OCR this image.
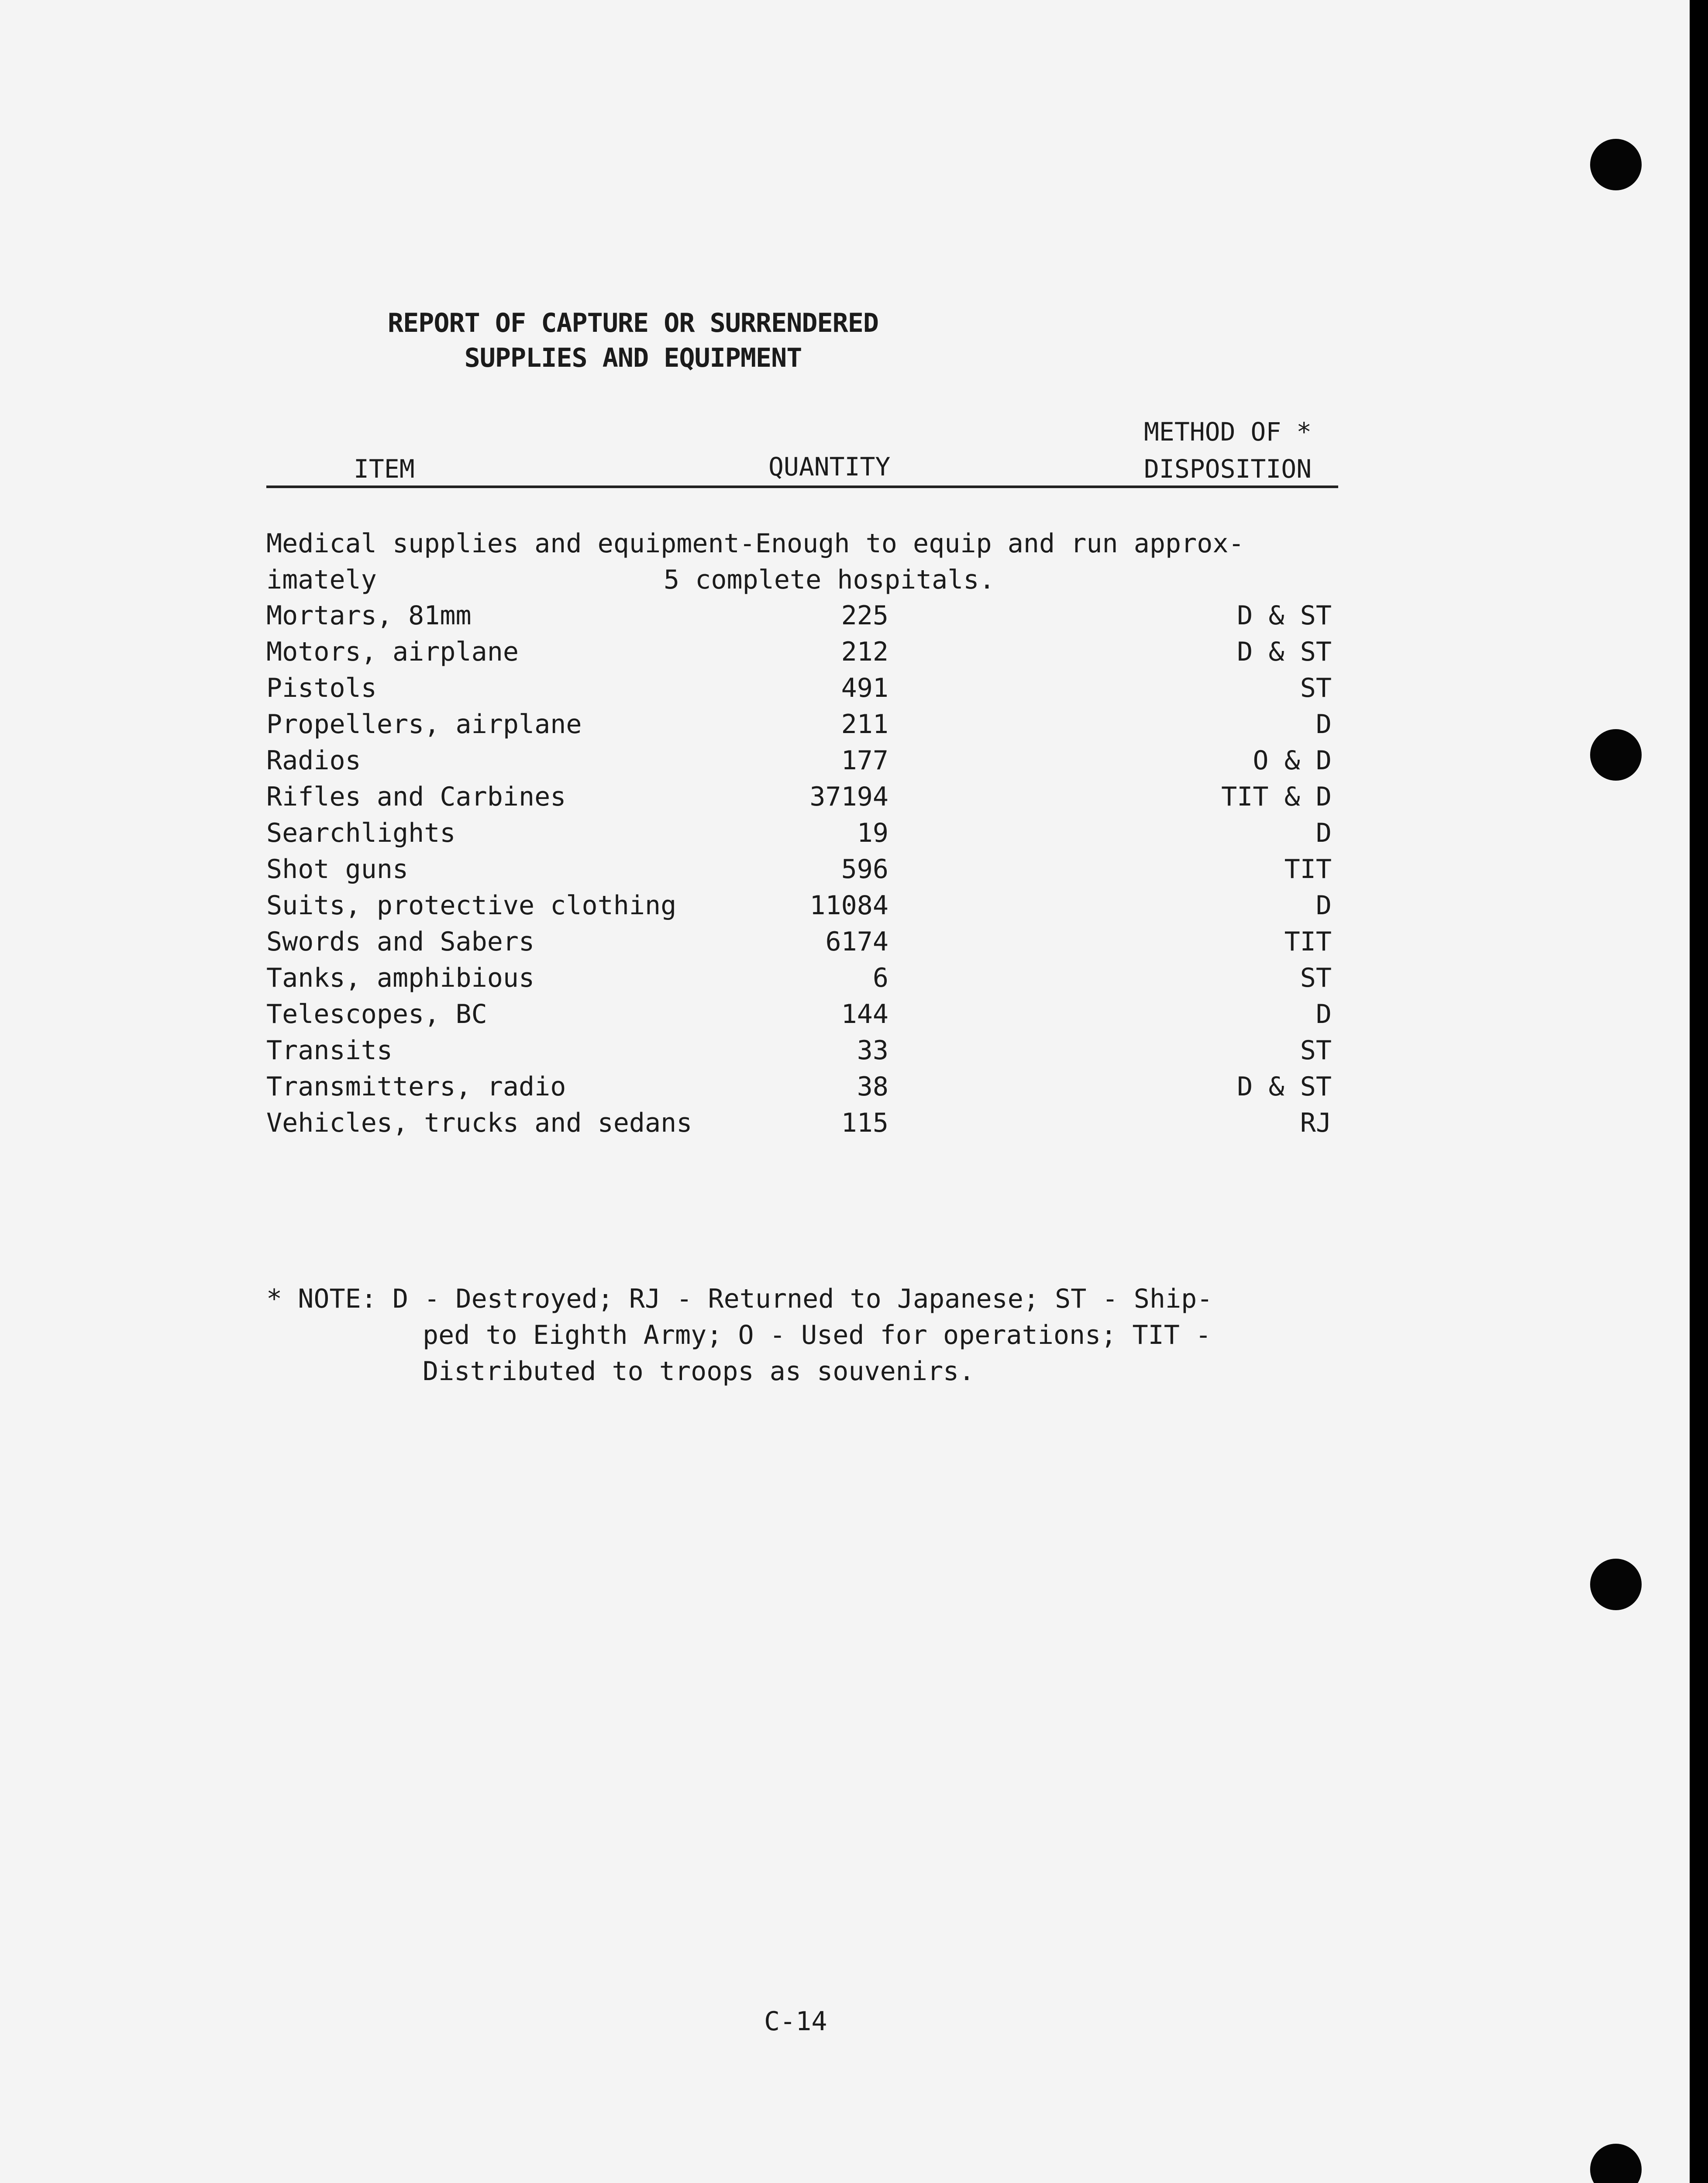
REPORT OF CAPTURE OR SURRENDERED
SUPPLIES AND EQUIPMENT
METHOD OF *
ITEM	QUANTITY	DISPOSITION
Medical supplies and equipment-Enough to equip and run approx-
imately	5 complete hospitals.
Mortars, 81mm	225	D & ST
Motors, airplane	212	D & ST
Pistols	491	ST
Propellers, airplane	211	D
Radios	177	O & D
Rifles and Carbines	37194	TIT & D
Searchlights	19	D
Shot guns	596	TIT
Suits, protective clothing	11084	D
Swords and Sabers	6174	TIT
Tanks, amphibious	6	ST
Telescopes, BC	144	D
Transits	33	ST
Transmitters, radio	38	D & ST
Vehicles, trucks and sedans	115	RJ
* NOTE: D - Destroyed; RJ - Returned to Japanese; ST - Ship-
ped to Eighth Army; O - Used for operations; TIT -
Distributed to troops as souvenirs.
C-14
